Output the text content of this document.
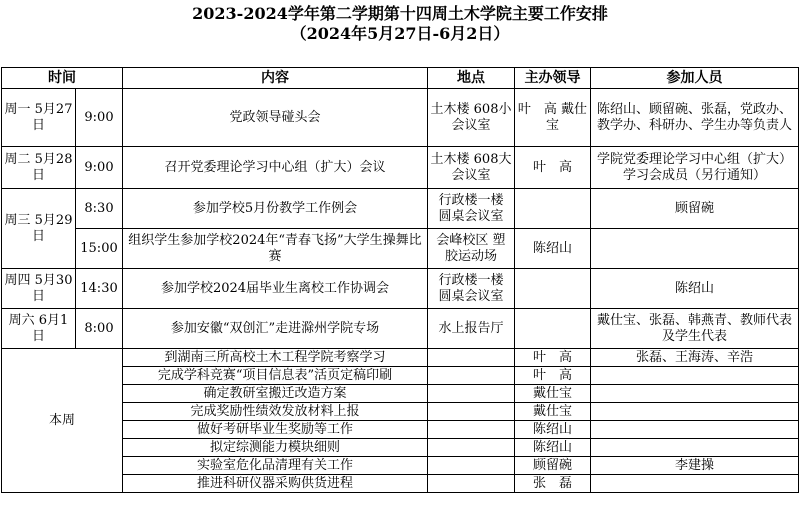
2023-2024学年第二学期第十四周土木学院主要工作安排
（2024年5月27日-6月2日）
时间		内容	地点	主办领导	参加人员
周一 5月27日	9:00	党政领导碰头会	土木楼 608小会议室	叶　高 戴仕宝	陈绍山、顾留碗、张磊，党政办、教学办、科研办、学生办等负责人
周二 5月28日	9:00	召开党委理论学习中心组（扩大）会议	土木楼 608大会议室	叶　高	学院党委理论学习中心组（扩大）学习会成员（另行通知）
周三 5月29日	8:30	参加学校5月份教学工作例会	行政楼一楼 圆桌会议室		顾留碗
	15:00	组织学生参加学校2024年“青春飞扬”大学生操舞比赛	会峰校区 塑胶运动场	陈绍山	
周四 5月30日	14:30	参加学校2024届毕业生离校工作协调会	行政楼一楼 圆桌会议室		陈绍山
周六 6月1日	8:00	参加安徽“双创汇”走进滁州学院专场	水上报告厅		戴仕宝、张磊、韩燕青、教师代表及学生代表
本周		到湖南三所高校土木工程学院考察学习		叶　高	张磊、王海涛、辛浩
		完成学科竞赛“项目信息表”活页定稿印刷		叶　高	
		确定教研室搬迁改造方案		戴仕宝	
		完成奖励性绩效发放材料上报		戴仕宝	
		做好考研毕业生奖励等工作		陈绍山	
		拟定综测能力模块细则		陈绍山	
		实验室危化品清理有关工作		顾留碗	李建操
		推进科研仪器采购供货进程		张　磊	
